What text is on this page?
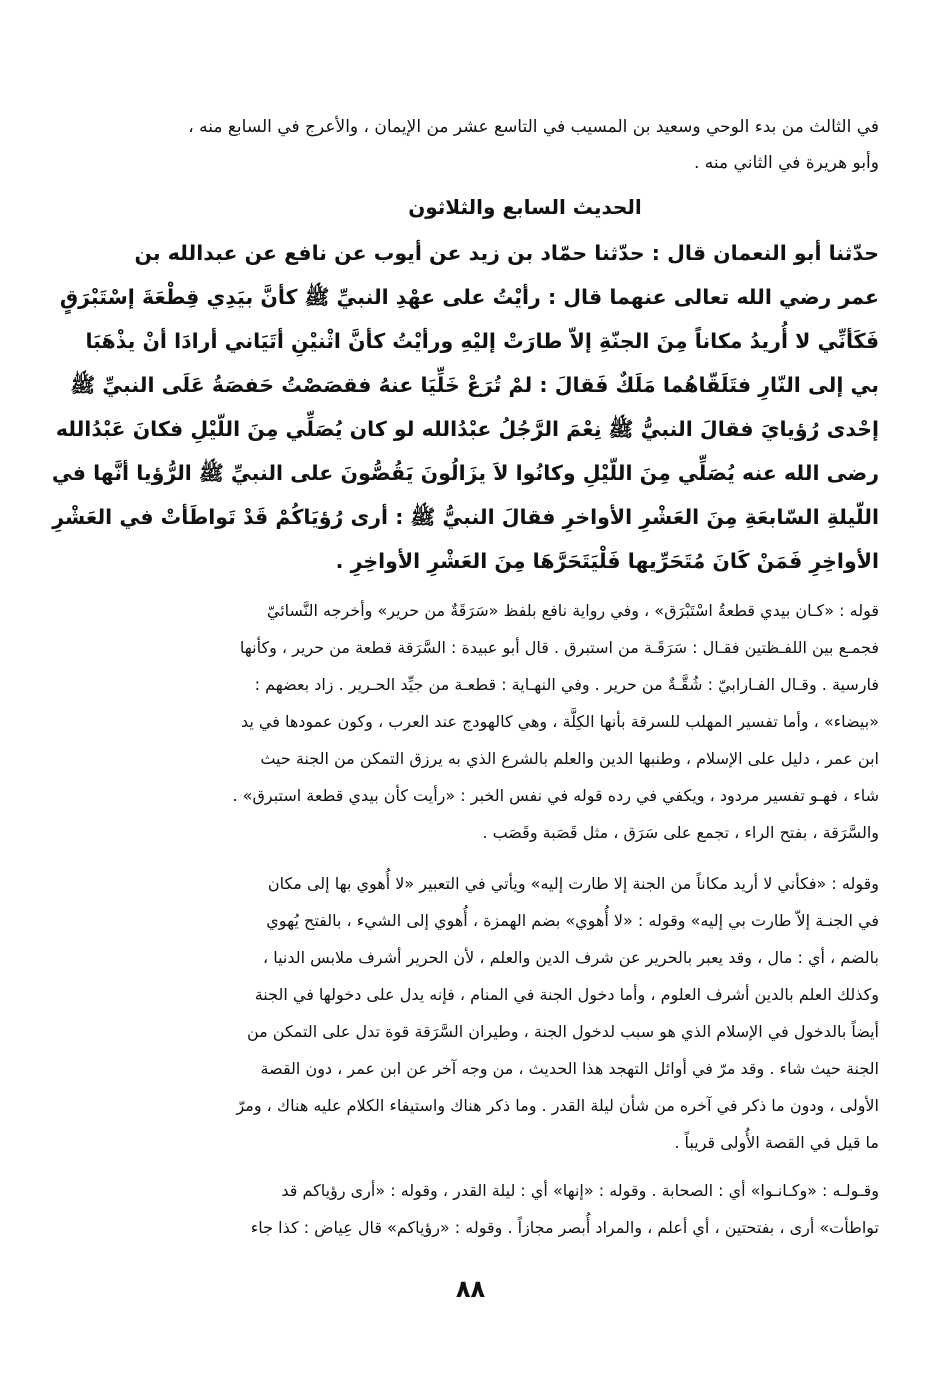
في الثالث من بدء الوحي وسعيد بن المسيب في التاسع عشر من الإيمان ، والأعرج في السابع منه ،
وأبو هريرة في الثاني منه .
الحديث السابع والثلاثون
حدّثنا أبو النعمان قال : حدّثنا حمّاد بن زيد عن أيوب عن نافع عن عبدالله بن
عمر رضي الله تعالى عنهما قال : رأيْتُ على عهْدِ النبيِّ ﷺ كأنَّ بيَدِي قِطْعَةَ إسْتَبْرَقٍ
فَكَأنِّي لا أُريدُ مكاناً مِنَ الجنّةِ إلاّ طارَتْ إليْهِ ورأيْتُ كأنَّ اثْنيْنِ أتَيَاني أرادَا أنْ يذْهَبَا
بي إلى النّارِ فتَلَقّاهُما مَلَكٌ فَقالَ : لمْ تُرَعْ خَلِّيَا عنهُ فقصَصْتُ حَفصَةُ عَلَى النبيِّ ﷺ
إحْدى رُؤيايَ فقالَ النبيُّ ﷺ نِعْمَ الرَّجُلُ عبْدُالله لو كان يُصَلِّي مِنَ اللّيْلِ فكانَ عَبْدُالله
رضى الله عنه يُصَلِّي مِنَ اللّيْلِ وكانُوا لاَ يزَالُونَ يَقُصُّونَ على النبيِّ ﷺ الرُّؤيا أنَّها في
اللّيلةِ السّابعَةِ مِنَ العَشْرِ الأواخرِ فقالَ النبيُّ ﷺ : أرى رُؤيَاكُمْ قَدْ تَواطَأتْ في العَشْرِ
الأواخِرِ فَمَنْ كَانَ مُتَحَرِّيها فَلْيَتَحَرَّهَا مِنَ العَشْرِ الأواخِرِ .
قوله : «كـان بيدي قطعةُ اسْتَبْرَق» ، وفي رواية نافع بلفظ «سَرَقَةٌ من حرير» وأخرجه النَّسائيّ
فجمـع بين اللفـظتين فقـال : سَرَقَـة من استبرق . قال أبو عبيدة : السَّرَقة قطعة من حرير ، وكأنها
فارسية . وقـال الفـارابيّ : شُقَّـةٌ من حرير . وفي النهـاية : قطعـة من جيِّد الحـرير . زاد بعضهم :
«بيضاء» ، وأما تفسير المهلب للسرقة بأنها الكِلَّة ، وهي كالهودج عند العرب ، وكون عمودها في يد
ابن عمر ، دليل على الإسلام ، وطنبها الدين والعلم بالشرع الذي به يرزق التمكن من الجنة حيث
شاء ، فهـو تفسير مردود ، ويكفي في رده قوله في نفس الخبر : «رأيت كأن بيدي قطعة استبرق» .
والسَّرَقة ، بفتح الراء ، تجمع على سَرَق ، مثل قَصَبة وقَصَب .
وقوله : «فكأني لا أريد مكاناً من الجنة إلا طارت إليه» ويأتي في التعبير «لا أُهوي بها إلى مكان
في الجنـة إلاّ طارت بي إليه» وقوله : «لا أُهوي» بضم الهمزة ، أُهوي إلى الشيء ، بالفتح يُهوي
بالضم ، أي : مال ، وقد يعبر بالحرير عن شرف الدين والعلم ، لأن الحرير أشرف ملابس الدنيا ،
وكذلك العلم بالدين أشرف العلوم ، وأما دخول الجنة في المنام ، فإنه يدل على دخولها في الجنة
أيضاً بالدخول في الإسلام الذي هو سبب لدخول الجنة ، وطيران السَّرَقة قوة تدل على التمكن من
الجنة حيث شاء . وقد مرّ في أوائل التهجد هذا الحديث ، من وجه آخر عن ابن عمر ، دون القصة
الأولى ، ودون ما ذكر في آخره من شأن ليلة القدر . وما ذكر هناك واستيفاء الكلام عليه هناك ، ومرّ
ما قيل في القصة الأُولى قريباً .
وقـولـه : «وكـانـوا» أي : الصحابة . وقوله : «إنها» أي : ليلة القدر ، وقوله : «أرى رؤياكم قد
تواطأت» أرى ، بفتحتين ، أي أعلم ، والمراد أُبصر مجازاً . وقوله : «رؤياكم» قال عِياض : كذا جاء
٨٨
